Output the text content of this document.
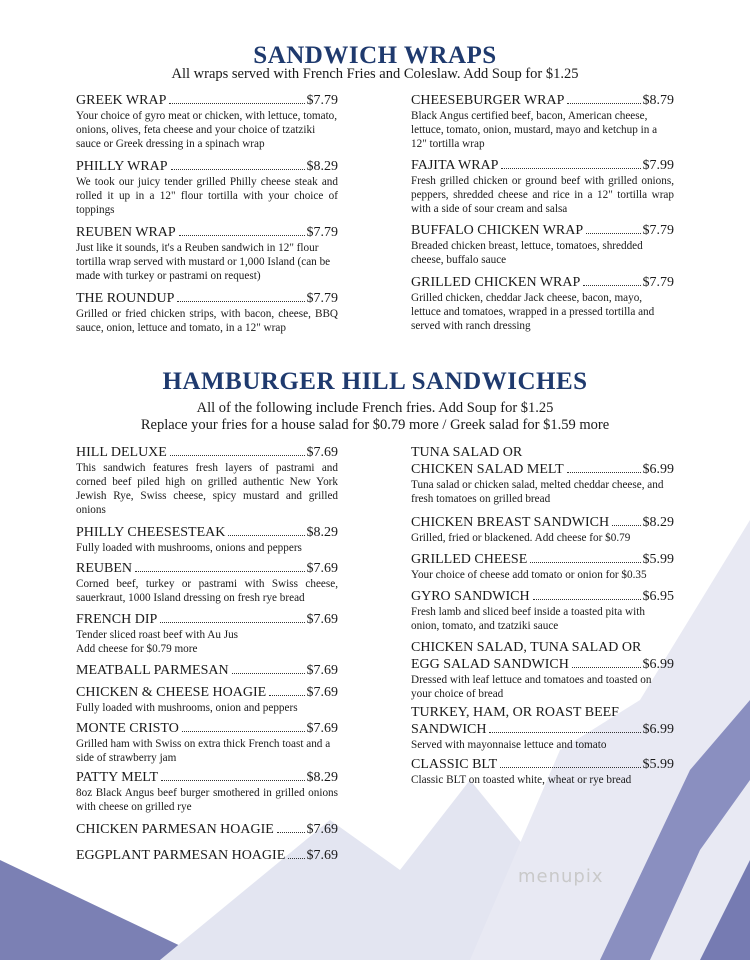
SANDWICH WRAPS
All wraps served with French Fries and Coleslaw. Add Soup for $1.25
GREEK WRAP	$7.79
Your choice of gyro meat or chicken, with lettuce, tomato, onions, olives, feta cheese and your choice of tzatziki sauce or Greek dressing in a spinach wrap
PHILLY WRAP	$8.29
We took our juicy tender grilled Philly cheese steak and rolled it up in a 12" flour tortilla with your choice of toppings
REUBEN WRAP	$7.79
Just like it sounds, it's a Reuben sandwich in 12" flour tortilla wrap served with mustard or 1,000 Island (can be made with turkey or pastrami on request)
THE ROUNDUP	$7.79
Grilled or fried chicken strips, with bacon, cheese, BBQ sauce, onion, lettuce and tomato, in a 12" wrap
CHEESEBURGER WRAP	$8.79
Black Angus certified beef, bacon, American cheese, lettuce, tomato, onion, mustard, mayo and ketchup in a 12" tortilla wrap
FAJITA WRAP	$7.99
Fresh grilled chicken or ground beef with grilled onions, peppers, shredded cheese and rice in a 12" tortilla wrap with a side of sour cream and salsa
BUFFALO CHICKEN WRAP	$7.79
Breaded chicken breast, lettuce, tomatoes, shredded cheese, buffalo sauce
GRILLED CHICKEN WRAP	$7.79
Grilled chicken, cheddar Jack cheese, bacon, mayo, lettuce and tomatoes, wrapped in a pressed tortilla and served with ranch dressing
HAMBURGER HILL SANDWICHES
All of the following include French fries. Add Soup for $1.25
Replace your fries for a house salad for $0.79 more / Greek salad for $1.59 more
HILL DELUXE	$7.69
This sandwich features fresh layers of pastrami and corned beef piled high on grilled authentic New York Jewish Rye, Swiss cheese, spicy mustard and grilled onions
PHILLY CHEESESTEAK	$8.29
Fully loaded with mushrooms, onions and peppers
REUBEN	$7.69
Corned beef, turkey or pastrami with Swiss cheese, sauerkraut, 1000 Island dressing on fresh rye bread
FRENCH DIP	$7.69
Tender sliced roast beef with Au Jus
Add cheese for $0.79 more
MEATBALL PARMESAN	$7.69
CHICKEN & CHEESE HOAGIE	$7.69
Fully loaded with mushrooms, onion and peppers
MONTE CRISTO	$7.69
Grilled ham with Swiss on extra thick French toast and a side of strawberry jam
PATTY MELT	$8.29
8oz Black Angus beef burger smothered in grilled onions with cheese on grilled rye
CHICKEN PARMESAN HOAGIE $7.69
EGGPLANT PARMESAN HOAGIE $7.69
TUNA SALAD OR
CHICKEN SALAD MELT	$6.99
Tuna salad or chicken salad, melted cheddar cheese, and fresh tomatoes on grilled bread
CHICKEN BREAST SANDWICH $8.29
Grilled, fried or blackened. Add cheese for $0.79
GRILLED CHEESE	$5.99
Your choice of cheese add tomato or onion for $0.35
GYRO SANDWICH	$6.95
Fresh lamb and sliced beef inside a toasted pita with onion, tomato, and tzatziki sauce
CHICKEN SALAD, TUNA SALAD OR
EGG SALAD SANDWICH	$6.99
Dressed with leaf lettuce and tomatoes and toasted on your choice of bread
TURKEY, HAM, OR ROAST BEEF
SANDWICH	$6.99
Served with mayonnaise lettuce and tomato
CLASSIC BLT	$5.99
Classic BLT on toasted white, wheat or rye bread
menupix
